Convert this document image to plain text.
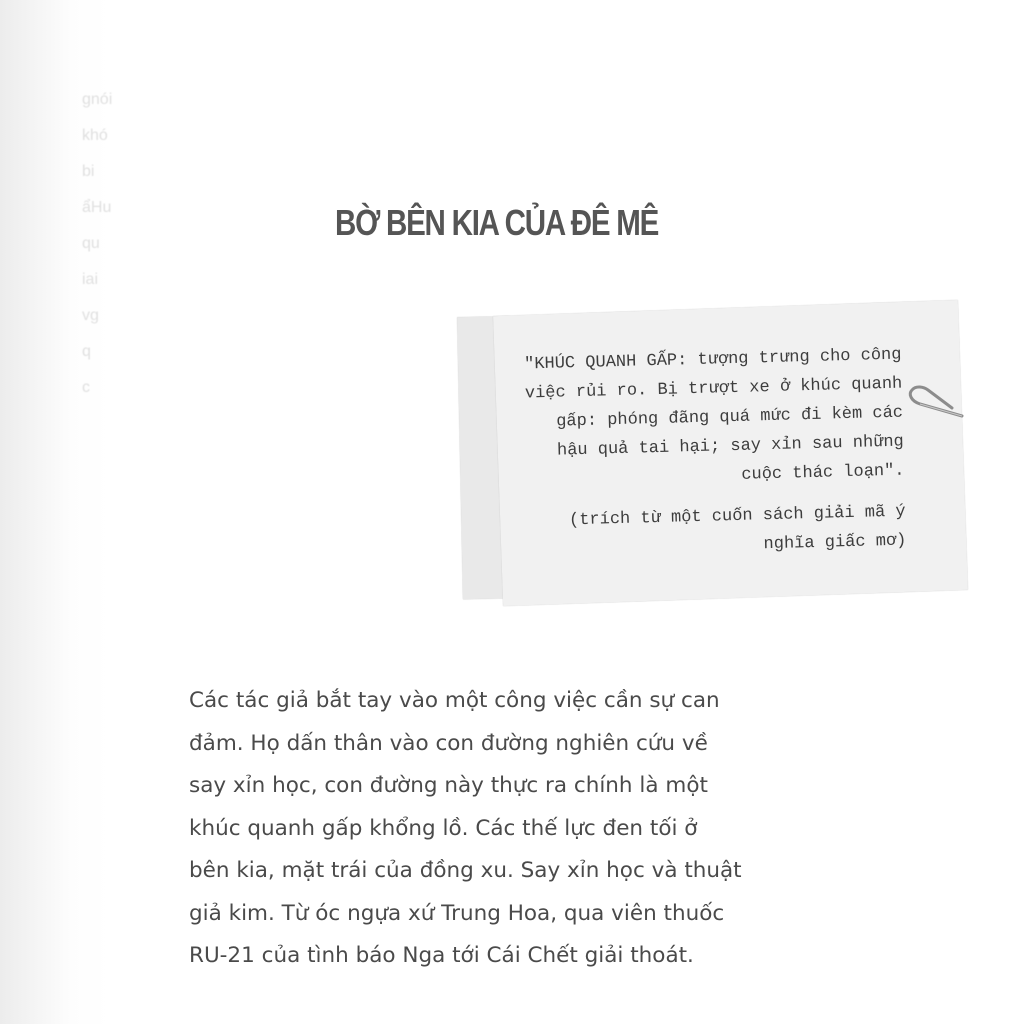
gnói
khó
bi
ẩHu
qu
iai
vg
q
c
BỜ BÊN KIA CỦA ĐÊ MÊ

"KHÚC QUANH GẤP: tượng trưng cho công

việc rủi ro. Bị trượt xe ở khúc quanh

gấp: phóng đãng quá mức đi kèm các

hậu quả tai hại; say xỉn sau những

cuộc thác loạn".

(trích từ một cuốn sách giải mã ý

nghĩa giấc mơ)

Các tác giả bắt tay vào một công việc cần sự can
đảm. Họ dấn thân vào con đường nghiên cứu về
say xỉn học, con đường này thực ra chính là một
khúc quanh gấp khổng lồ. Các thế lực đen tối ở
bên kia, mặt trái của đồng xu. Say xỉn học và thuật
giả kim. Từ óc ngựa xứ Trung Hoa, qua viên thuốc
RU-21 của tình báo Nga tới Cái Chết giải thoát.
